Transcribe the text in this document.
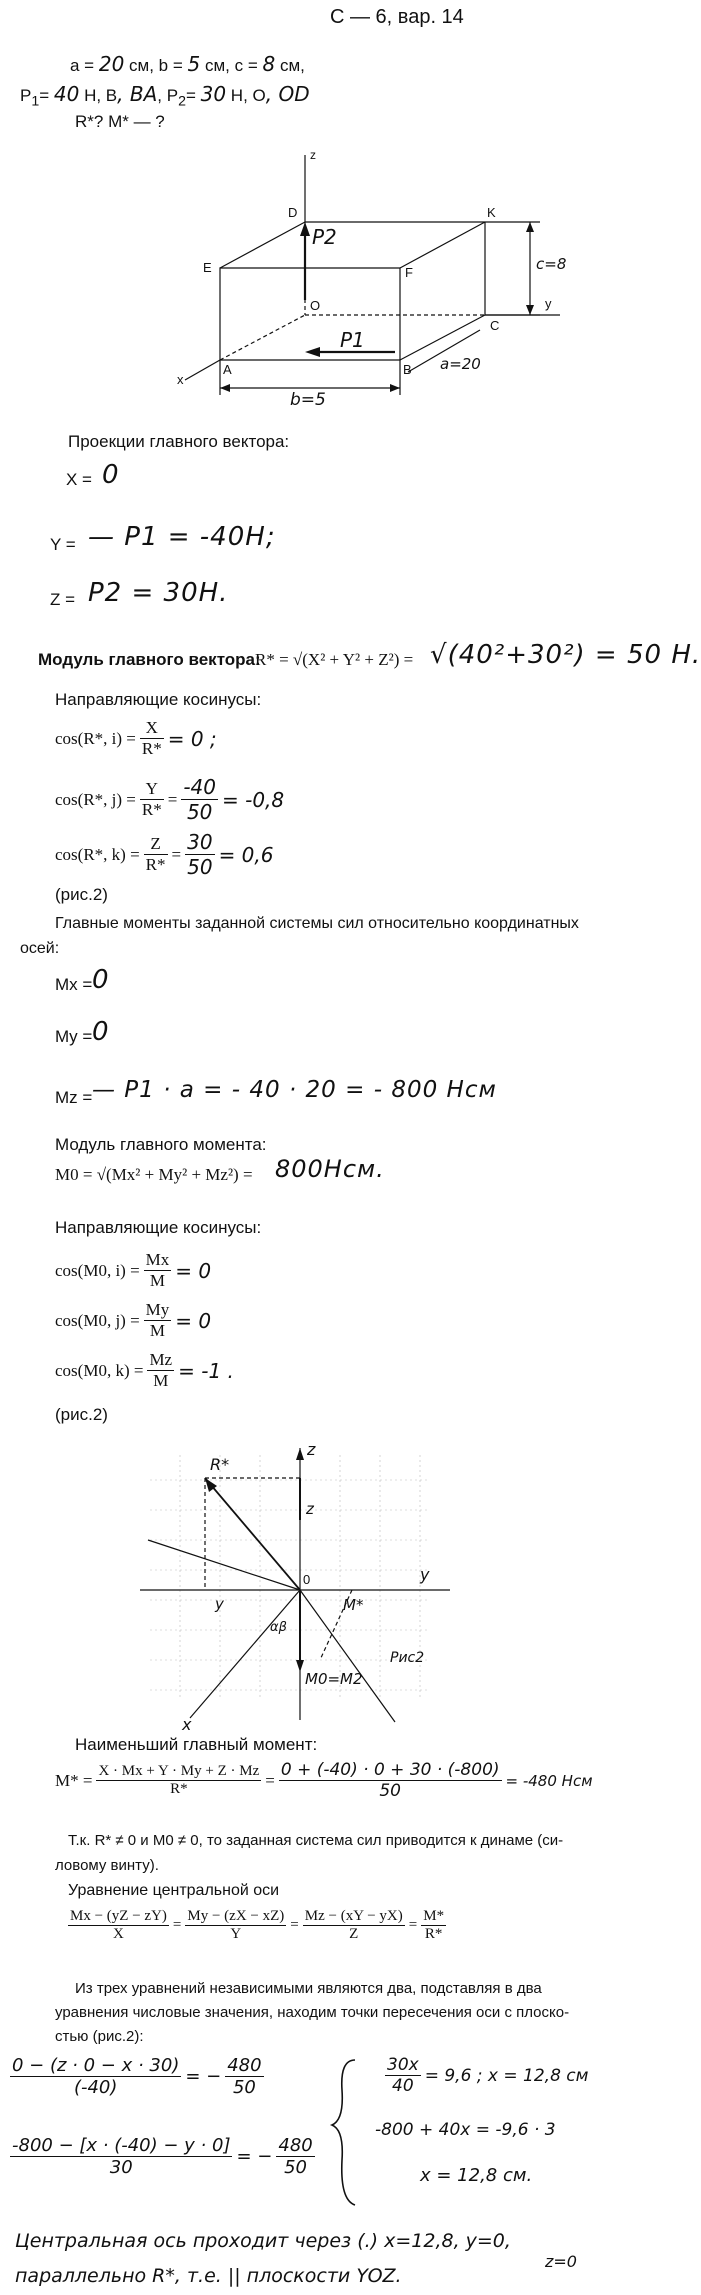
С — 6, вар. 14
a = 20 см, b = 5 см, c = 8 см,
$P_1= 40$ Н, B, BA, $P_2= 30$ Н, O, OD
R*? M* — ?
z
y
x
D	K
E	F
O
A	B
C
P2
P1
c=8
a=20
b=5
Проекции главного вектора:
X = 0
Y = — P1 = -40Н;
Z = P2 = 30Н.
Модуль главного вектора:
R* = √(X² + Y² + Z²) = √(40²+30²) = 50 Н.
Направляющие косинусы:
cos(R*, $i) = \frac{X}{R*} = 0$ ;
cos(R*, $j) = \frac{Y}{R*} = \frac{-40}{50} = -0,8$
cos(R*, $k) = \frac{Z}{R*} = \frac{30}{50} = 0,6$
(рис.2)
Главные моменты заданной системы сил относительно координатных
осей:
Mx = 0
My = 0
Mz = — P1 · a = - 40 · 20 = - 800 Нсм
Модуль главного момента:
M0 = √(Mx² + My² + Mz²) = 800Нсм.
Направляющие косинусы:
cos(M0, $i) = \frac{Mx}{M} = 0$
cos(M0, $j) = \frac{My}{M} = 0$
cos(M0, $k) = \frac{Mz}{M} = -1$ .
(рис.2)
z
y
x
0
R*
M*
M0=M2
z
y
Рис2
αβ
Наименьший главный момент:
$M* = \frac{X \cdot Mx + Y \cdot My + Z \cdot Mz}{R*} = \frac{0 + (-40) \cdot 0 + 30 \cdot (-800)}{50} = -480$ Нсм
Т.к. R* ≠ 0 и M0 ≠ 0, то заданная система сил приводится к динаме (си-
ловому винту).
Уравнение центральной оси
$\frac{Mx - (yZ - zY)}{X} = \frac{My - (zX - xZ)}{Y} = \frac{Mz - (xY - yX)}{Z} = \frac{M*}{R*}$
Из трех уравнений независимыми являются два, подставляя в два
уравнения числовые значения, находим точки пересечения оси с плоско-
стью (рис.2):
$\frac{0 - (z \cdot 0 - x \cdot 30)}{(-40)}$ = − $\frac{480}{50}$
$\frac{-800 - [x \cdot (-40) - y \cdot 0]}{30}$ = − $\frac{480}{50}$
$\frac{30x}{40} = 9,6$ ; x = 12,8 см
-800 + 40x = -9,6 · 3
x = 12,8 см.
Центральная ось проходит через (.) x=12,8, y=0,
z=0
параллельно R*, т.е. || плоскости YOZ.
